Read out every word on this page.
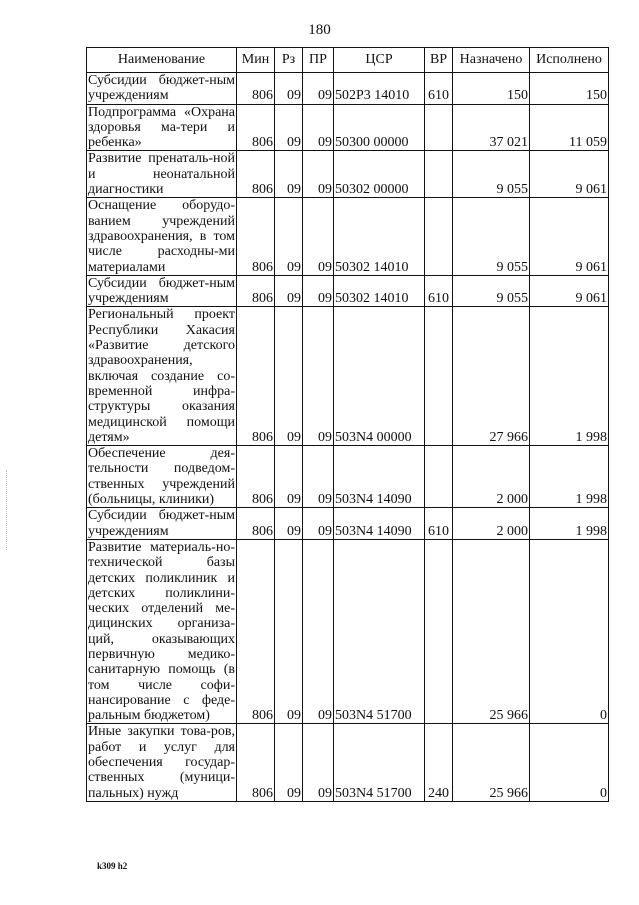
180
Наименование	Мин	Рз	ПР	ЦСР	ВР	Назначено	Исполнено
Субсидии бюджет-ным учреждениям	806	09	09	502Р3 14010	610	150	150
Подпрограмма «Охрана здоровья ма-тери и ребенка»	806	09	09	50300 00000		37 021	11 059
Развитие пренаталь-ной и неонатальной диагностики	806	09	09	50302 00000		9 055	9 061
Оснащение оборудо-ванием учреждений здравоохранения, в том числе расходны-ми материалами	806	09	09	50302 14010		9 055	9 061
Субсидии бюджет-ным учреждениям	806	09	09	50302 14010	610	9 055	9 061
Региональный проект Республики Хакасия «Развитие детского здравоохранения, включая создание со-временной инфра-структуры оказания медицинской помощи детям»	806	09	09	503N4 00000		27 966	1 998
Обеспечение дея-тельности подведом-ственных учреждений (больницы, клиники)	806	09	09	503N4 14090		2 000	1 998
Субсидии бюджет-ным учреждениям	806	09	09	503N4 14090	610	2 000	1 998
Развитие материаль-но-технической базы детских поликлиник и детских поликлини-ческих отделений ме-дицинских организа-ций, оказывающих первичную медико-санитарную помощь (в том числе софи-нансирование с феде-ральным бюджетом)	806	09	09	503N4 51700		25 966	0
Иные закупки това-ров, работ и услуг для обеспечения государ-ственных (муници-пальных) нужд	806	09	09	503N4 51700	240	25 966	0
k309 h2
